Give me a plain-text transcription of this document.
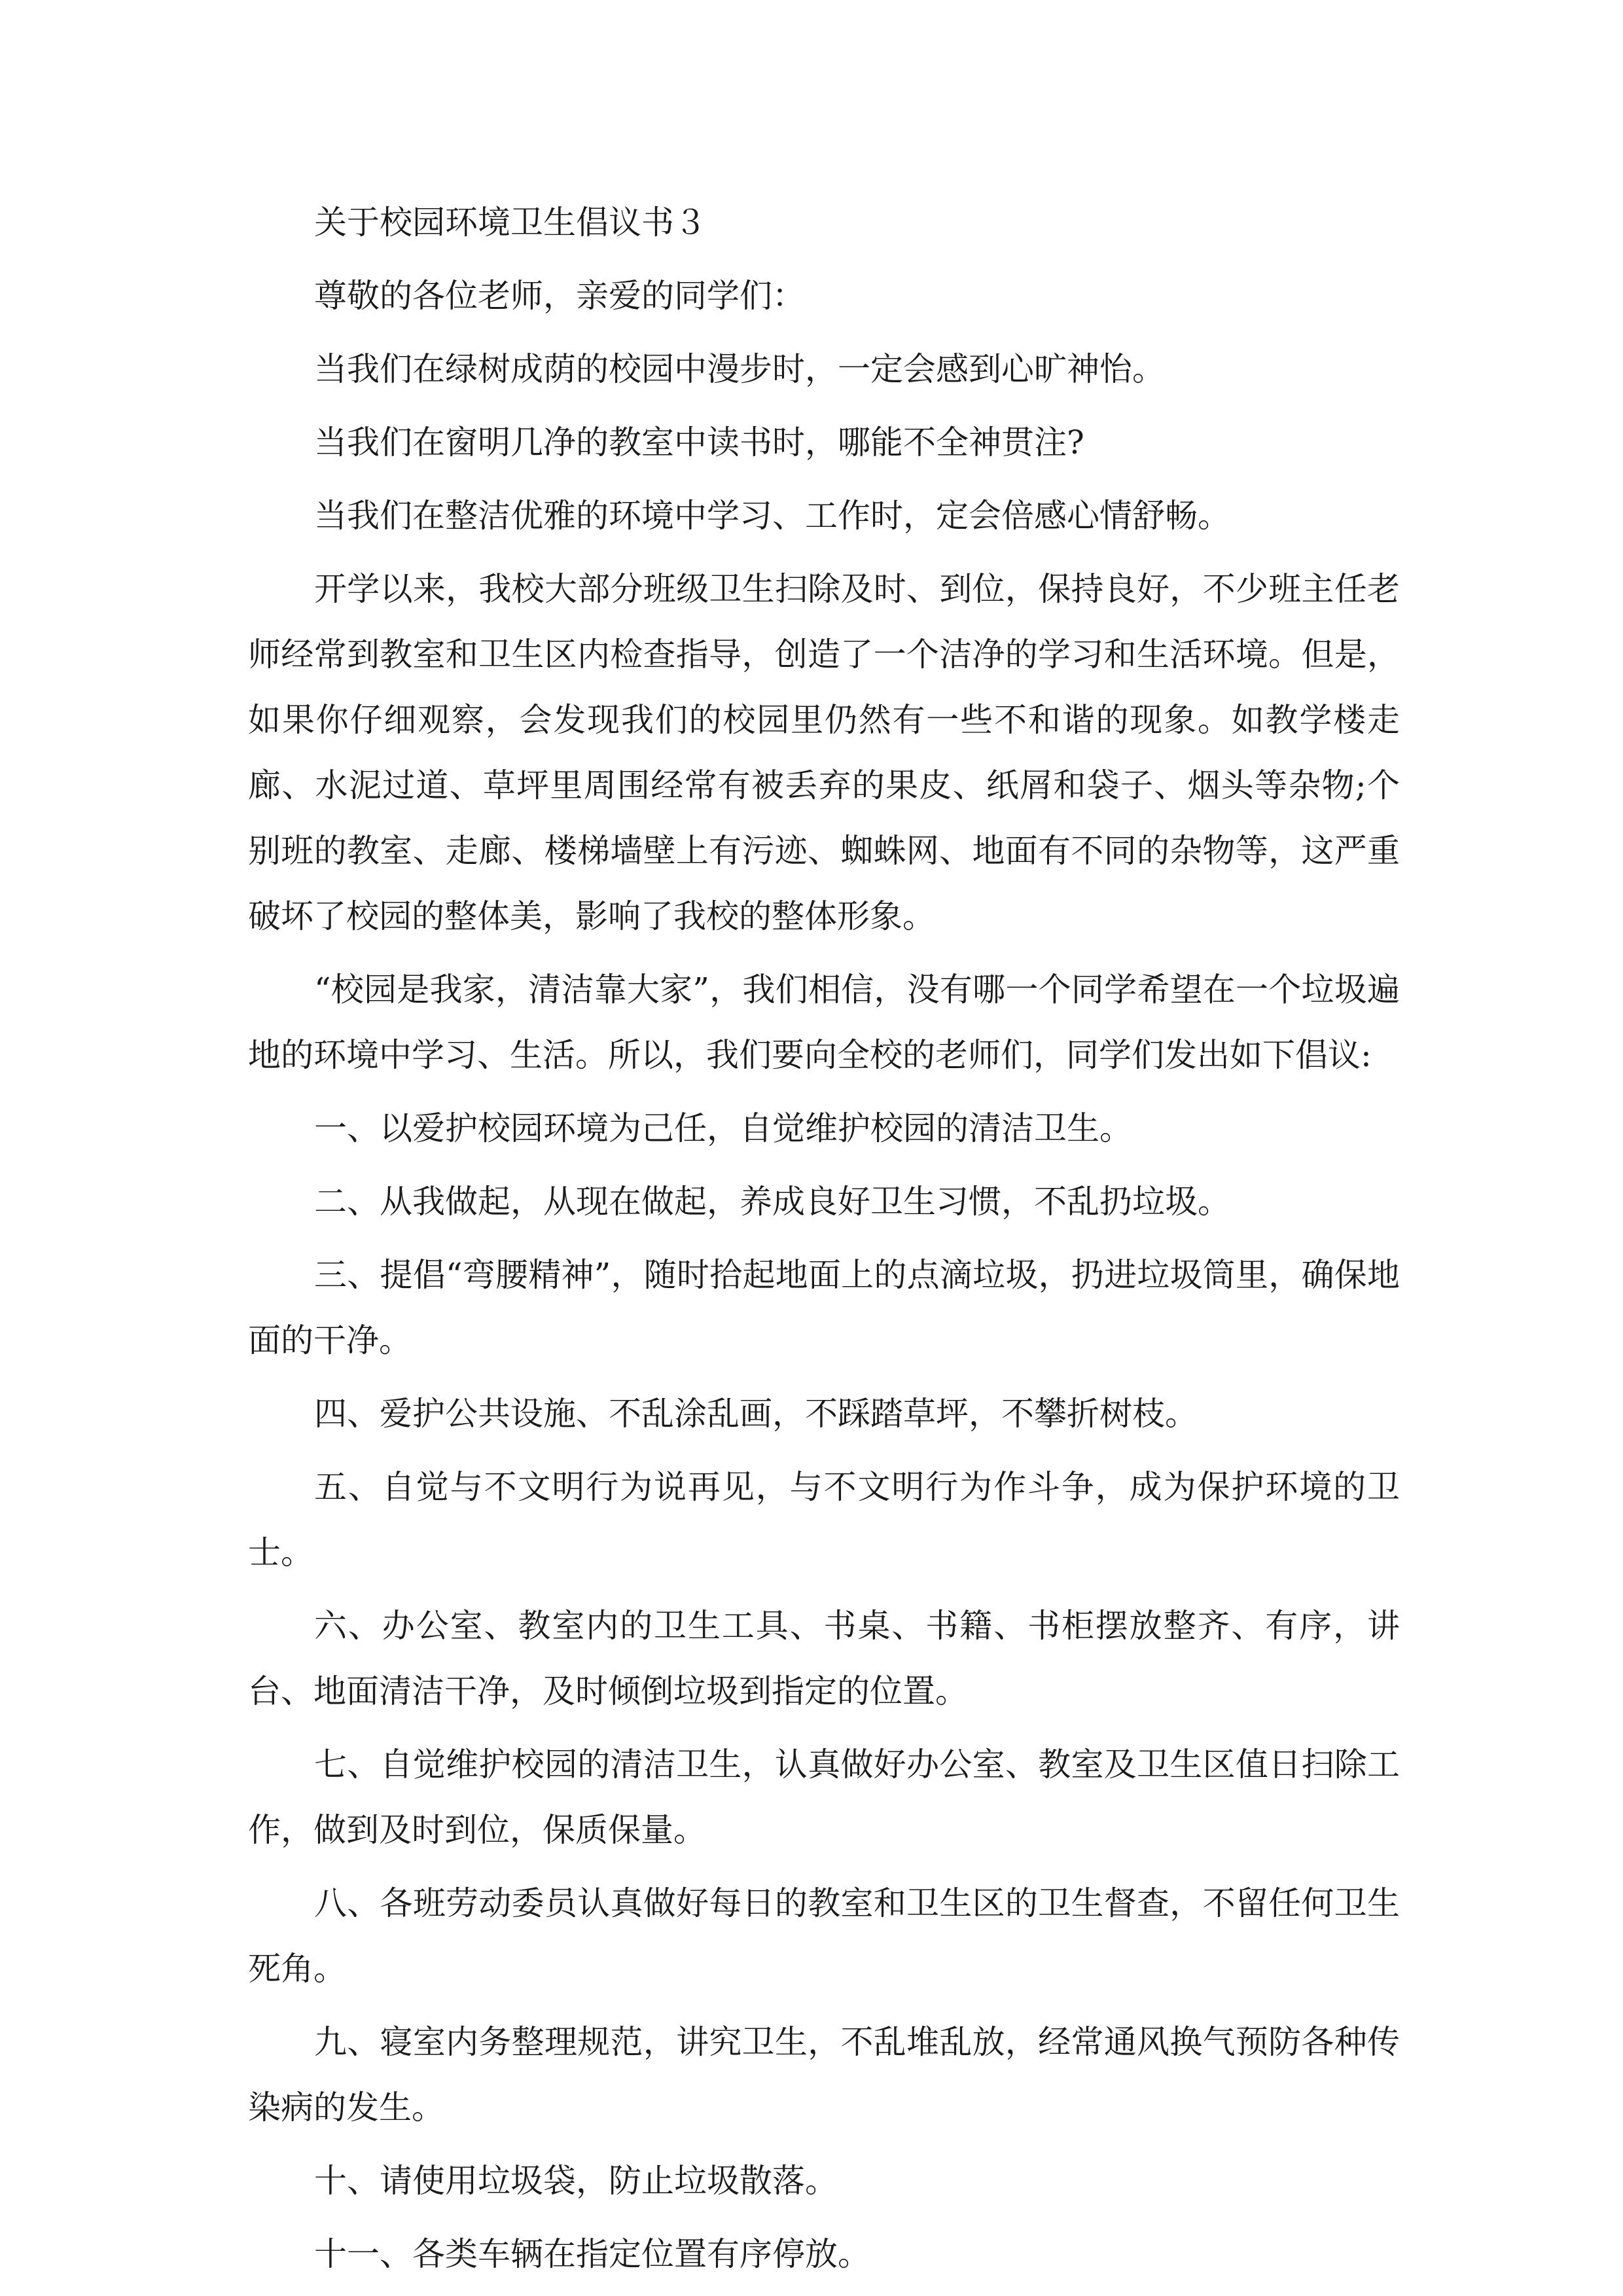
关于校园环境卫生倡议书３

尊敬的各位老师，亲爱的同学们：

当我们在绿树成荫的校园中漫步时，一定会感到心旷神怡。

当我们在窗明几净的教室中读书时，哪能不全神贯注?

当我们在整洁优雅的环境中学习、工作时，定会倍感心情舒畅。

开学以来，我校大部分班级卫生扫除及时、到位，保持良好，不少班主任老师经常到教室和卫生区内检查指导，创造了一个洁净的学习和生活环境。但是，如果你仔细观察，会发现我们的校园里仍然有一些不和谐的现象。如教学楼走廊、水泥过道、草坪里周围经常有被丢弃的果皮、纸屑和袋子、烟头等杂物;个别班的教室、走廊、楼梯墙壁上有污迹、蜘蛛网、地面有不同的杂物等，这严重破坏了校园的整体美，影响了我校的整体形象。

“校园是我家，清洁靠大家”，我们相信，没有哪一个同学希望在一个垃圾遍地的环境中学习、生活。所以，我们要向全校的老师们，同学们发出如下倡议:

一、以爱护校园环境为己任，自觉维护校园的清洁卫生。

二、从我做起，从现在做起，养成良好卫生习惯，不乱扔垃圾。

三、提倡“弯腰精神”，随时拾起地面上的点滴垃圾，扔进垃圾筒里，确保地面的干净。

四、爱护公共设施、不乱涂乱画，不踩踏草坪，不攀折树枝。

五、自觉与不文明行为说再见，与不文明行为作斗争，成为保护环境的卫士。

六、办公室、教室内的卫生工具、书桌、书籍、书柜摆放整齐、有序，讲台、地面清洁干净，及时倾倒垃圾到指定的位置。

七、自觉维护校园的清洁卫生，认真做好办公室、教室及卫生区值日扫除工作，做到及时到位，保质保量。

八、各班劳动委员认真做好每日的教室和卫生区的卫生督查，不留任何卫生死角。

九、寝室内务整理规范，讲究卫生，不乱堆乱放，经常通风换气预防各种传染病的发生。

十、请使用垃圾袋，防止垃圾散落。

十一、各类车辆在指定位置有序停放。
